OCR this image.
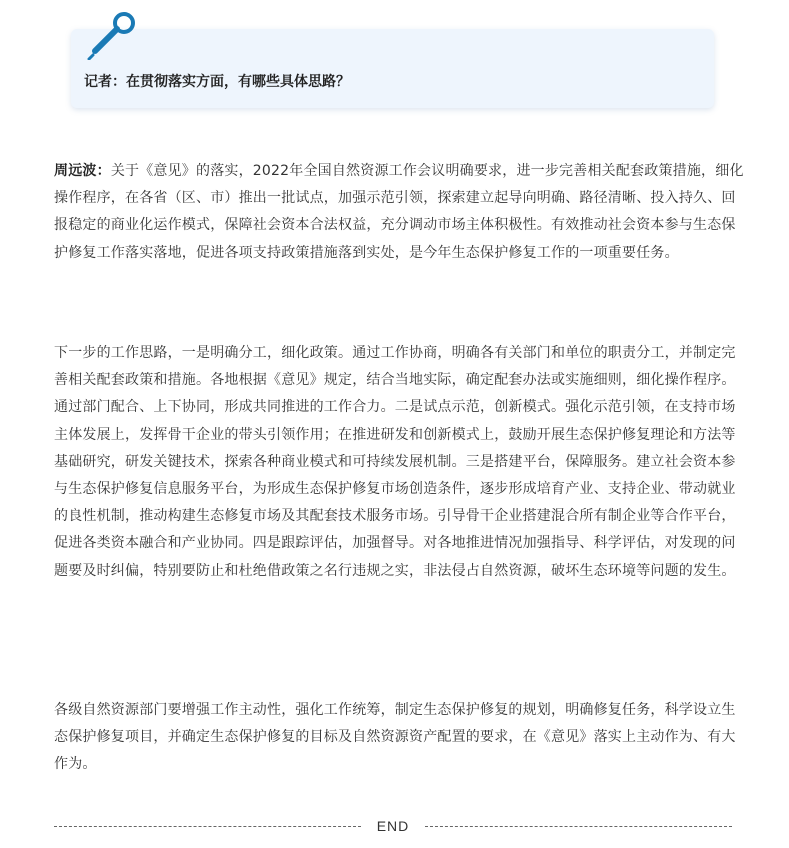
记者：在贯彻落实方面，有哪些具体思路？

周远波：关于《意见》的落实，2022年全国自然资源工作会议明确要求，进一步完善相关配套政策措施，细化操作程序，在各省（区、市）推出一批试点，加强示范引领，探索建立起导向明确、路径清晰、投入持久、回报稳定的商业化运作模式，保障社会资本合法权益，充分调动市场主体积极性。有效推动社会资本参与生态保护修复工作落实落地，促进各项支持政策措施落到实处，是今年生态保护修复工作的一项重要任务。

下一步的工作思路，一是明确分工，细化政策。通过工作协商，明确各有关部门和单位的职责分工，并制定完善相关配套政策和措施。各地根据《意见》规定，结合当地实际，确定配套办法或实施细则，细化操作程序。通过部门配合、上下协同，形成共同推进的工作合力。二是试点示范，创新模式。强化示范引领，在支持市场主体发展上，发挥骨干企业的带头引领作用；在推进研发和创新模式上，鼓励开展生态保护修复理论和方法等基础研究，研发关键技术，探索各种商业模式和可持续发展机制。三是搭建平台，保障服务。建立社会资本参与生态保护修复信息服务平台，为形成生态保护修复市场创造条件，逐步形成培育产业、支持企业、带动就业的良性机制，推动构建生态修复市场及其配套技术服务市场。引导骨干企业搭建混合所有制企业等合作平台，促进各类资本融合和产业协同。四是跟踪评估，加强督导。对各地推进情况加强指导、科学评估，对发现的问题要及时纠偏，特别要防止和杜绝借政策之名行违规之实，非法侵占自然资源，破坏生态环境等问题的发生。

各级自然资源部门要增强工作主动性，强化工作统筹，制定生态保护修复的规划，明确修复任务，科学设立生态保护修复项目，并确定生态保护修复的目标及自然资源资产配置的要求，在《意见》落实上主动作为、有大作为。

END
